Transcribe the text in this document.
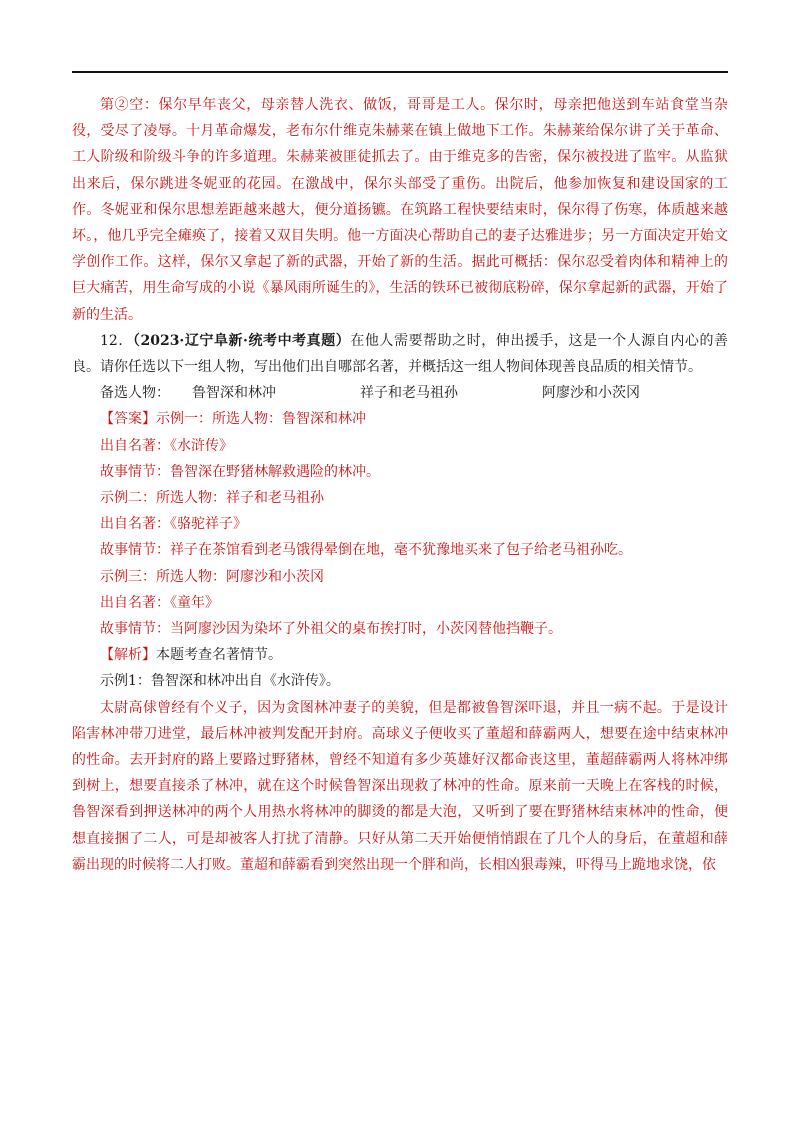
第②空：保尔早年丧父，母亲替人洗衣、做饭，哥哥是工人。保尔时，母亲把他送到车站食堂当杂役，受尽了凌辱。十月革命爆发，老布尔什维克朱赫莱在镇上做地下工作。朱赫莱给保尔讲了关于革命、工人阶级和阶级斗争的许多道理。朱赫莱被匪徒抓去了。由于维克多的告密，保尔被投进了监牢。从监狱出来后，保尔跳进冬妮亚的花园。在激战中，保尔头部受了重伤。出院后，他参加恢复和建设国家的工作。冬妮亚和保尔思想差距越来越大，便分道扬镳。在筑路工程快要结束时，保尔得了伤寒，体质越来越坏。，他几乎完全瘫痪了，接着又双目失明。他一方面决心帮助自己的妻子达雅进步；另一方面决定开始文学创作工作。这样，保尔又拿起了新的武器，开始了新的生活。据此可概括：保尔忍受着肉体和精神上的巨大痛苦，用生命写成的小说《暴风雨所诞生的》，生活的铁环已被彻底粉碎，保尔拿起新的武器，开始了新的生活。

12．（2023·辽宁阜新·统考中考真题）在他人需要帮助之时，伸出援手，这是一个人源自内心的善良。请你任选以下一组人物，写出他们出自哪部名著，并概括这一组人物间体现善良品质的相关情节。

备选人物： 鲁智深和林冲	祥子和老马祖孙	阿廖沙和小茨冈

【答案】示例一：所选人物：鲁智深和林冲

出自名著：《水浒传》

故事情节：鲁智深在野猪林解救遇险的林冲。

示例二：所选人物：祥子和老马祖孙

出自名著：《骆驼祥子》

故事情节：祥子在茶馆看到老马饿得晕倒在地，毫不犹豫地买来了包子给老马祖孙吃。

示例三：所选人物：阿廖沙和小茨冈

出自名著：《童年》

故事情节：当阿廖沙因为染坏了外祖父的桌布挨打时，小茨冈替他挡鞭子。

【解析】本题考查名著情节。

示例1：鲁智深和林冲出自《水浒传》。

太尉高俅曾经有个义子，因为贪图林冲妻子的美貌，但是都被鲁智深吓退，并且一病不起。于是设计陷害林冲带刀进堂，最后林冲被判发配开封府。高球义子便收买了董超和薛霸两人，想要在途中结束林冲的性命。去开封府的路上要路过野猪林，曾经不知道有多少英雄好汉都命丧这里，董超薛霸两人将林冲绑到树上，想要直接杀了林冲，就在这个时候鲁智深出现救了林冲的性命。原来前一天晚上在客栈的时候，鲁智深看到押送林冲的两个人用热水将林冲的脚烫的都是大泡，又听到了要在野猪林结束林冲的性命，便想直接捆了二人，可是却被客人打扰了清静。只好从第二天开始便悄悄跟在了几个人的身后，在董超和薛霸出现的时候将二人打败。董超和薛霸看到突然出现一个胖和尚，长相凶狠毒辣，吓得马上跪地求饶，依
